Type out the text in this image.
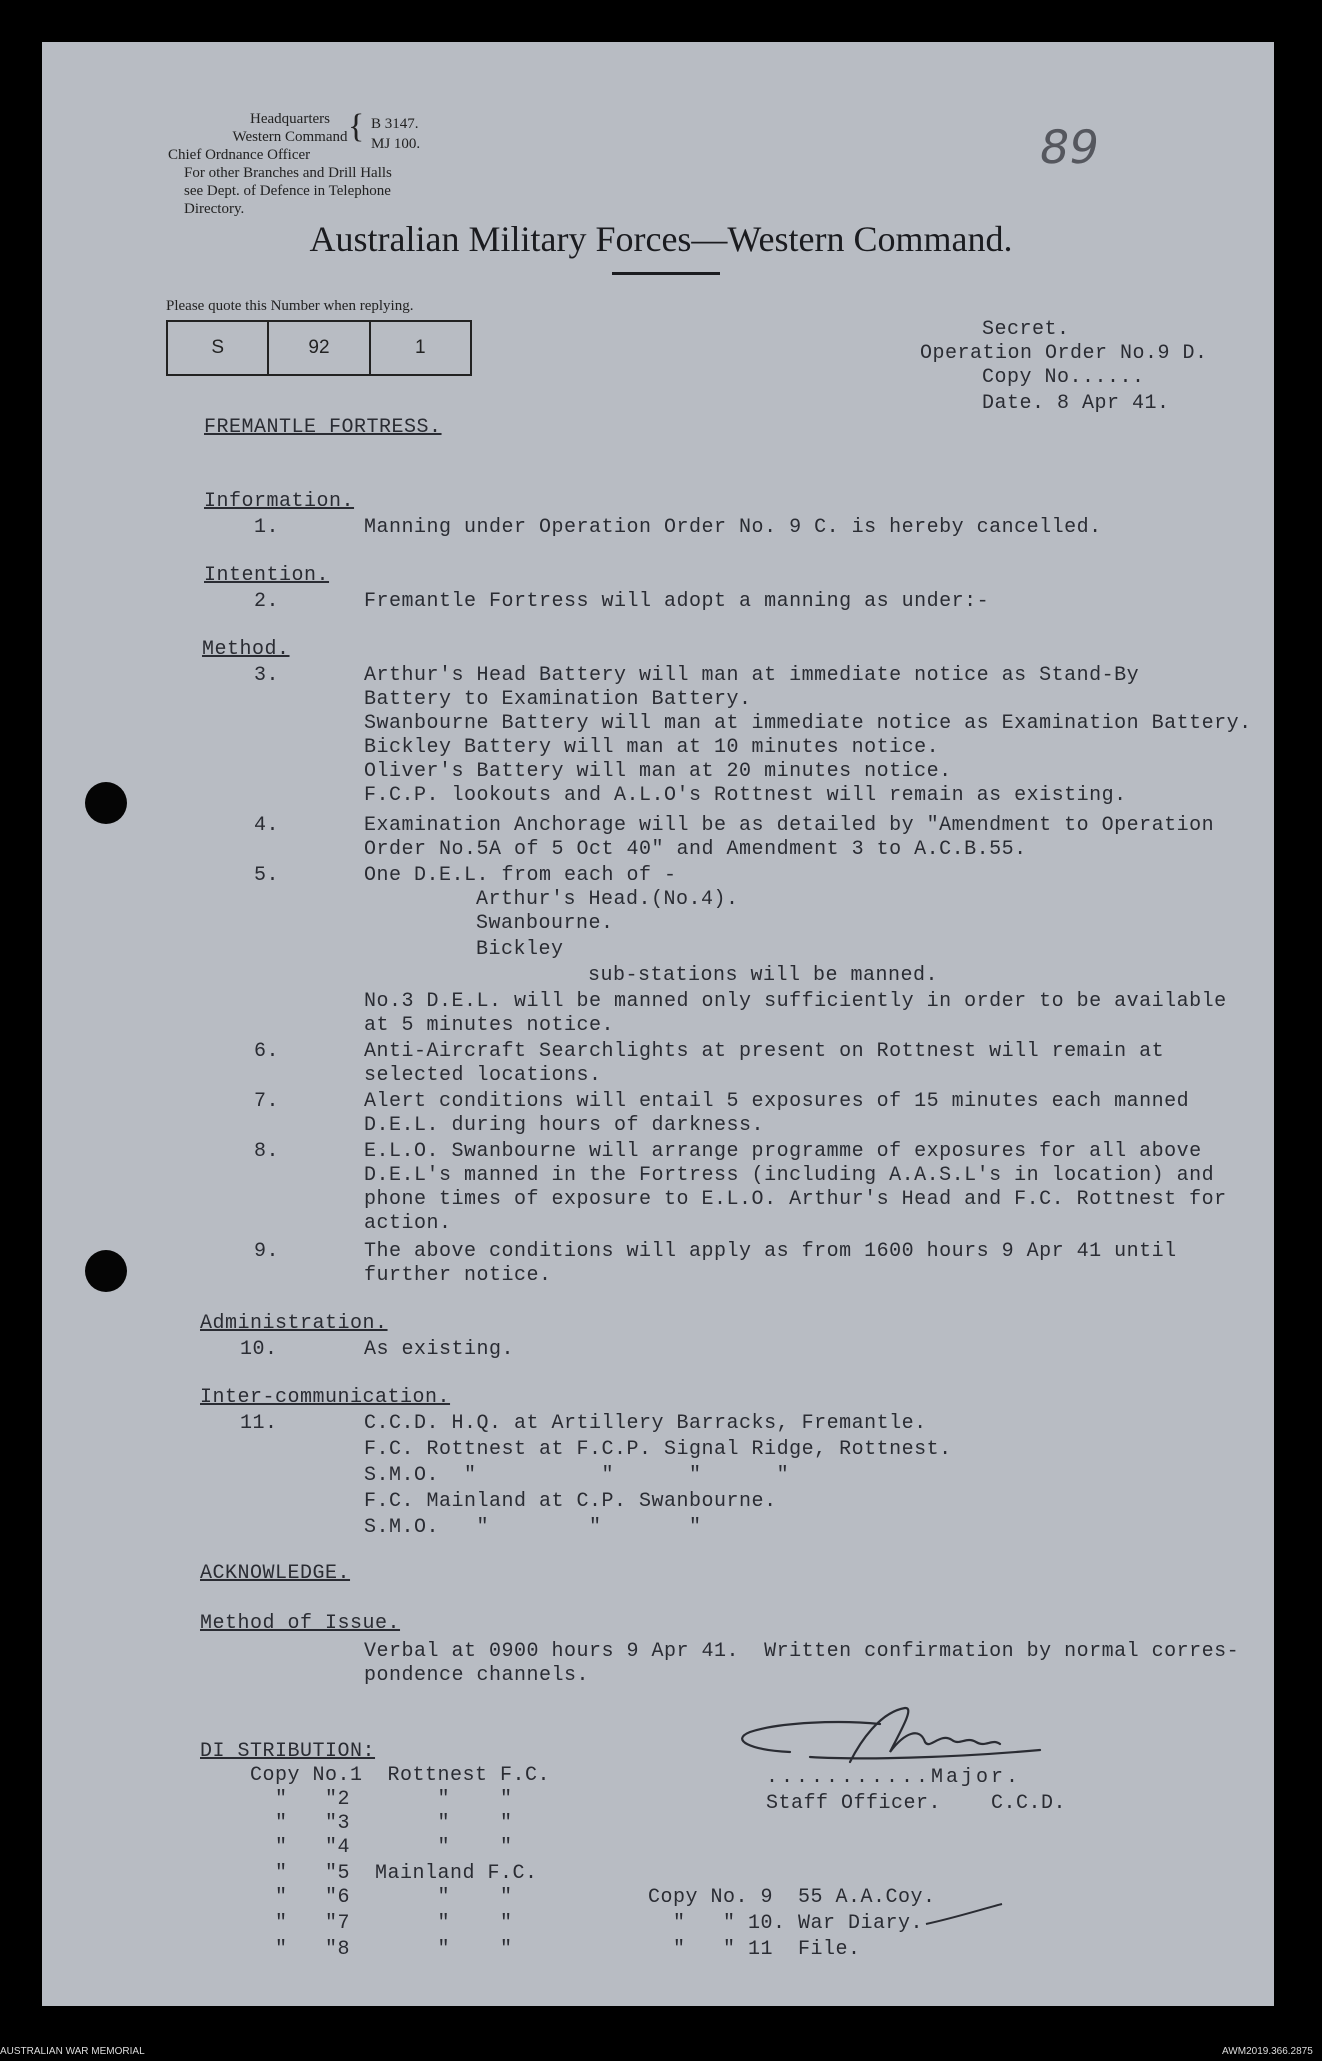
Headquarters
Western Command
Chief Ordnance Officer
For other Branches and Drill Halls
see Dept. of Defence in Telephone
Directory.
{ B 3147.
MJ 100.	89
Australian Military Forces—Western Command.
Please quote this Number when replying.
S	92	1
Secret.
Operation Order No.9 D.
Copy No......
Date. 8 Apr 41.
FREMANTLE FORTRESS.
Information.
1.	Manning under Operation Order No. 9 C. is hereby cancelled.
Intention.
2.	Fremantle Fortress will adopt a manning as under:-
Method.
3.	Arthur's Head Battery will man at immediate notice as Stand-By
Battery to Examination Battery.
Swanbourne Battery will man at immediate notice as Examination Battery.
Bickley Battery will man at 10 minutes notice.
Oliver's Battery will man at 20 minutes notice.
F.C.P. lookouts and A.L.O's Rottnest will remain as existing.
4.	Examination Anchorage will be as detailed by "Amendment to Operation
Order No.5A of 5 Oct 40" and Amendment 3 to A.C.B.55.
5.	One D.E.L. from each of -
Arthur's Head.(No.4).
Swanbourne.
Bickley
sub-stations will be manned.
No.3 D.E.L. will be manned only sufficiently in order to be available
at 5 minutes notice.
6.	Anti-Aircraft Searchlights at present on Rottnest will remain at
selected locations.
7.	Alert conditions will entail 5 exposures of 15 minutes each manned
D.E.L. during hours of darkness.
8.	E.L.O. Swanbourne will arrange programme of exposures for all above
D.E.L's manned in the Fortress (including A.A.S.L's in location) and
phone times of exposure to E.L.O. Arthur's Head and F.C. Rottnest for
action.
9.	The above conditions will apply as from 1600 hours 9 Apr 41 until
further notice.
Administration.
10.	As existing.
Inter-communication.
11.	C.C.D. H.Q. at Artillery Barracks, Fremantle.
F.C. Rottnest at F.C.P. Signal Ridge, Rottnest.
S.M.O.  "          "      "      "
F.C. Mainland at C.P. Swanbourne.
S.M.O.   "        "       "
ACKNOWLEDGE.
Method of Issue.
Verbal at 0900 hours 9 Apr 41.  Written confirmation by normal corres-
pondence channels.
...........Major.
Staff Officer.    C.C.D.
DI STRIBUTION:
Copy No.1  Rottnest F.C.
"   "2       "    "
"   "3       "    "
"   "4       "    "
"   "5  Mainland F.C.
"   "6       "    "
"   "7       "    "
"   "8       "    "
Copy No. 9  55 A.A.Coy.
"   " 10. War Diary.
"   " 11  File.
AUSTRALIAN WAR MEMORIAL	AWM2019.366.2875
